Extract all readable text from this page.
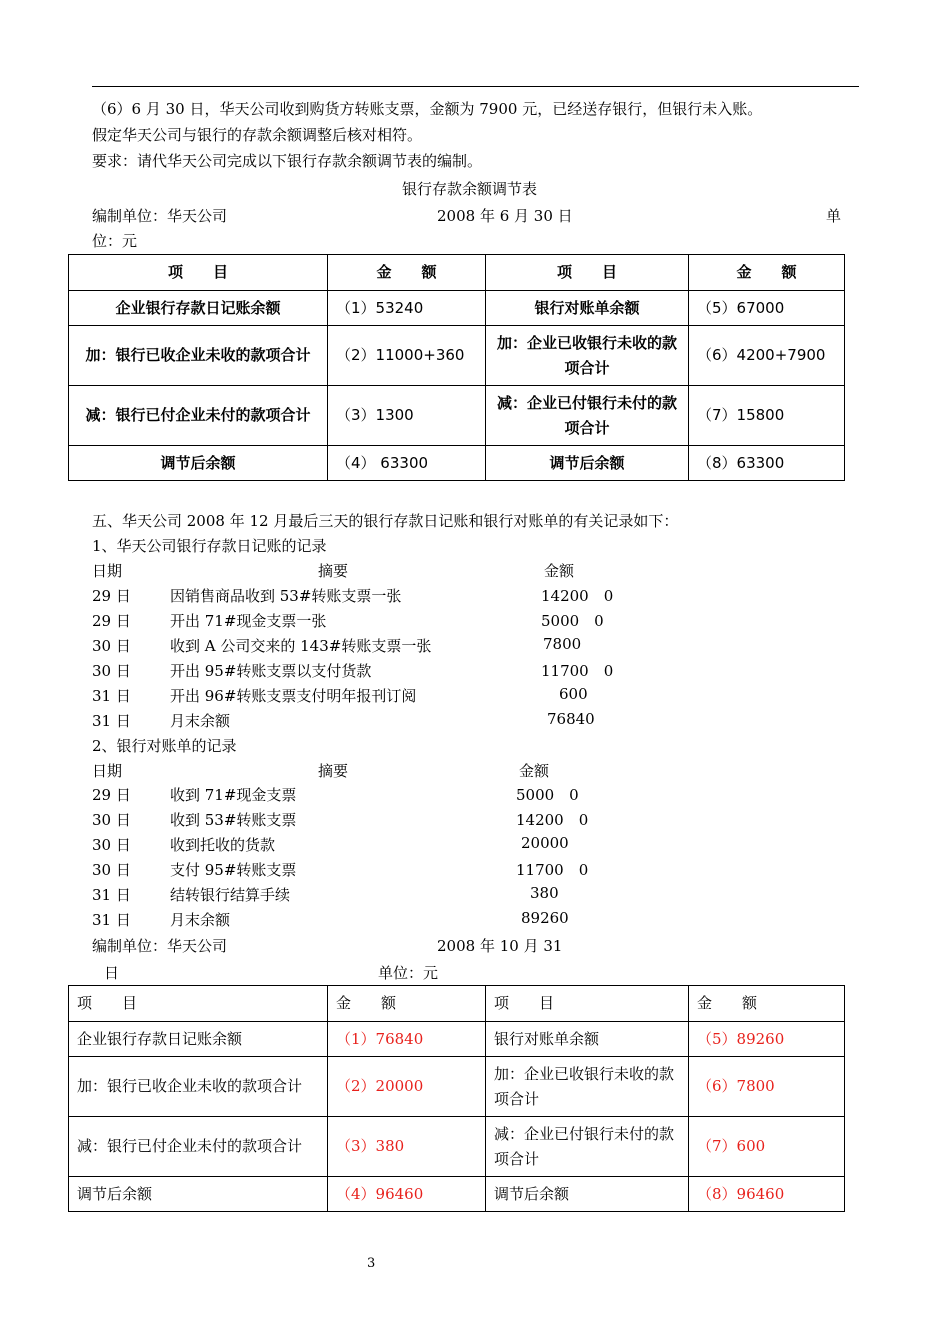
（6）6 月 30 日，华天公司收到购货方转账支票，金额为 7900 元，已经送存银行，但银行未入账。
假定华天公司与银行的存款余额调整后核对相符。
要求：请代华天公司完成以下银行存款余额调节表的编制。
银行存款余额调节表
编制单位：华天公司	2008 年 6 月 30 日	单
位：元
项　　目	金　　额	项　　目	金　　额
企业银行存款日记账余额	（1）53240	银行对账单余额	（5）67000
加：银行已收企业未收的款项合计	（2）11000+360	加：企业已收银行未收的款项合计	（6）4200+7900
减：银行已付企业未付的款项合计	（3）1300	减：企业已付银行未付的款项合计	（7）15800
调节后余额	（4） 63300	调节后余额	（8）63300
五、华天公司 2008 年 12 月最后三天的银行存款日记账和银行对账单的有关记录如下：
1、华天公司银行存款日记账的记录
日期	摘要	金额
29 日	因销售商品收到 53#转账支票一张	14200　0
29 日	开出 71#现金支票一张	5000　0
30 日	收到 A 公司交来的 143#转账支票一张	7800
30 日	开出 95#转账支票以支付货款	11700　0
31 日	开出 96#转账支票支付明年报刊订阅	600
31 日	月末余额	76840
2、银行对账单的记录
日期	摘要	金额
29 日	收到 71#现金支票	5000　0
30 日	收到 53#转账支票	14200　0
30 日	收到托收的货款	20000
30 日	支付 95#转账支票	11700　0
31 日	结转银行结算手续	380
31 日	月末余额	89260
编制单位：华天公司	2008 年 10 月 31
日	单位：元
项　　目	金　　额	项　　目	金　　额
企业银行存款日记账余额	（1）76840	银行对账单余额	（5）89260
加：银行已收企业未收的款项合计	（2）20000	加：企业已收银行未收的款项合计	（6）7800
减：银行已付企业未付的款项合计	（3）380	减：企业已付银行未付的款项合计	（7）600
调节后余额	（4）96460	调节后余额	（8）96460
3
